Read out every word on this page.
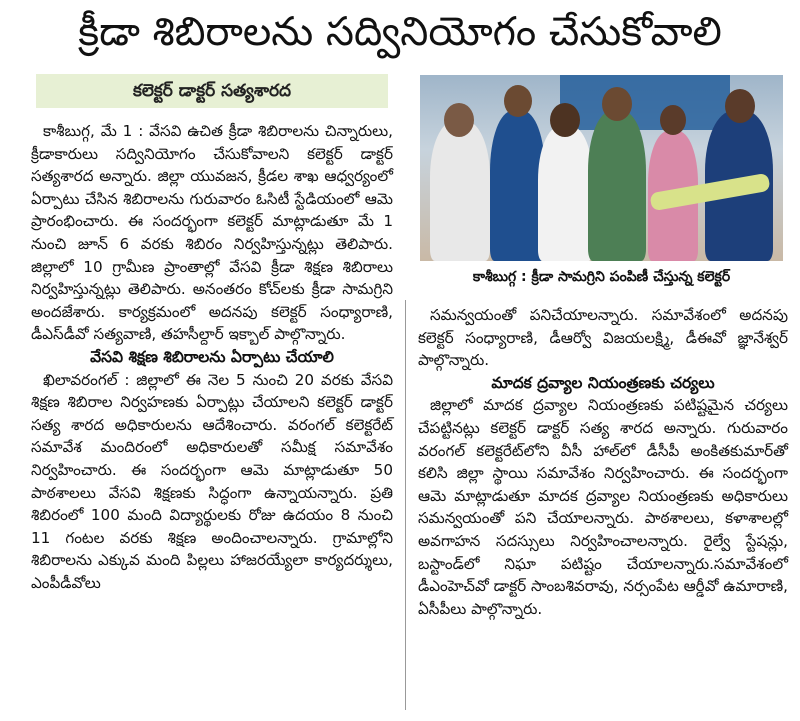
క్రీడా శిబిరాలను సద్వినియోగం చేసుకోవాలి
కలెక్టర్ డాక్టర్ సత్యశారద

కాశీబుగ్గ, మే 1 : వేసవి ఉచిత క్రీడా శిబిరాలను చిన్నారులు, క్రీడాకారులు సద్వినియోగం చేసుకోవాలని కలెక్టర్ డాక్టర్ సత్యశారద అన్నారు. జిల్లా యువజన, క్రీడల శాఖ ఆధ్వర్యంలో ఏర్పాటు చేసిన శిబిరాలను గురువారం ఓసిటీ స్టేడియంలో ఆమె ప్రారంభించారు. ఈ సందర్భంగా కలెక్టర్ మాట్లాడుతూ మే 1 నుంచి జూన్ 6 వరకు శిబిరం నిర్వహిస్తున్నట్లు తెలిపారు. జిల్లాలో 10 గ్రామీణ ప్రాంతాల్లో వేసవి క్రీడా శిక్షణ శిబిరాలు నిర్వహిస్తున్నట్లు తెలిపారు. అనంతరం కోచ్‌లకు క్రీడా సామగ్రిని అందజేశారు. కార్యక్రమంలో అదనపు కలెక్టర్ సంధ్యారాణి, డీఎస్‌డీవో సత్యవాణి, తహసీల్దార్ ఇక్బాల్ పాల్గొన్నారు.

వేసవి శిక్షణ శిబిరాలను ఏర్పాటు చేయాలి

ఖిలావరంగల్ : జిల్లాలో ఈ నెల 5 నుంచి 20 వరకు వేసవి శిక్షణ శిబిరాల నిర్వహణకు ఏర్పాట్లు చేయాలని కలెక్టర్ డాక్టర్ సత్య శారద అధికారులను ఆదేశించారు. వరంగల్ కలెక్టరేట్ సమావేశ మందిరంలో అధికారులతో సమీక్ష సమావేశం నిర్వహించారు. ఈ సందర్భంగా ఆమె మాట్లాడుతూ 50 పాఠశాలలు వేసవి శిక్షణకు సిద్ధంగా ఉన్నాయన్నారు. ప్రతి శిబిరంలో 100 మంది విద్యార్థులకు రోజు ఉదయం 8 నుంచి 11 గంటల వరకు శిక్షణ అందించాలన్నారు. గ్రామాల్లోని శిబిరాలను ఎక్కువ మంది పిల్లలు హాజరయ్యేలా కార్యదర్శులు, ఎంపీడీవోలు

కాశీబుగ్గ : క్రీడా సామగ్రిని పంపిణీ చేస్తున్న కలెక్టర్

సమన్వయంతో పనిచేయాలన్నారు. సమావేశంలో అదనపు కలెక్టర్ సంధ్యారాణి, డీఆర్వో విజయలక్ష్మి, డీఈవో జ్ఞానేశ్వర్ పాల్గొన్నారు.

మాదక ద్రవ్యాల నియంత్రణకు చర్యలు

జిల్లాలో మాదక ద్రవ్యాల నియంత్రణకు పటిష్టమైన చర్యలు చేపట్టినట్లు కలెక్టర్ డాక్టర్ సత్య శారద అన్నారు. గురువారం వరంగల్ కలెక్టరేట్‌లోని వీసీ హాల్‌లో డీసీపీ అంకితకుమార్‌తో కలిసి జిల్లా స్థాయి సమావేశం నిర్వహించారు. ఈ సందర్భంగా ఆమె మాట్లాడుతూ మాదక ద్రవ్యాల నియంత్రణకు అధికారులు సమన్వయంతో పని చేయాలన్నారు. పాఠశాలలు, కళాశాలల్లో అవగాహన సదస్సులు నిర్వహించాలన్నారు. రైల్వే స్టేషన్లు, బస్టాండ్‌లో నిఘా పటిష్టం చేయాలన్నారు.సమావేశంలో డీఎంహెచ్‌వో డాక్టర్ సాంబశివరావు, నర్సంపేట ఆర్డీవో ఉమారాణి, ఏసీపీలు పాల్గొన్నారు.
